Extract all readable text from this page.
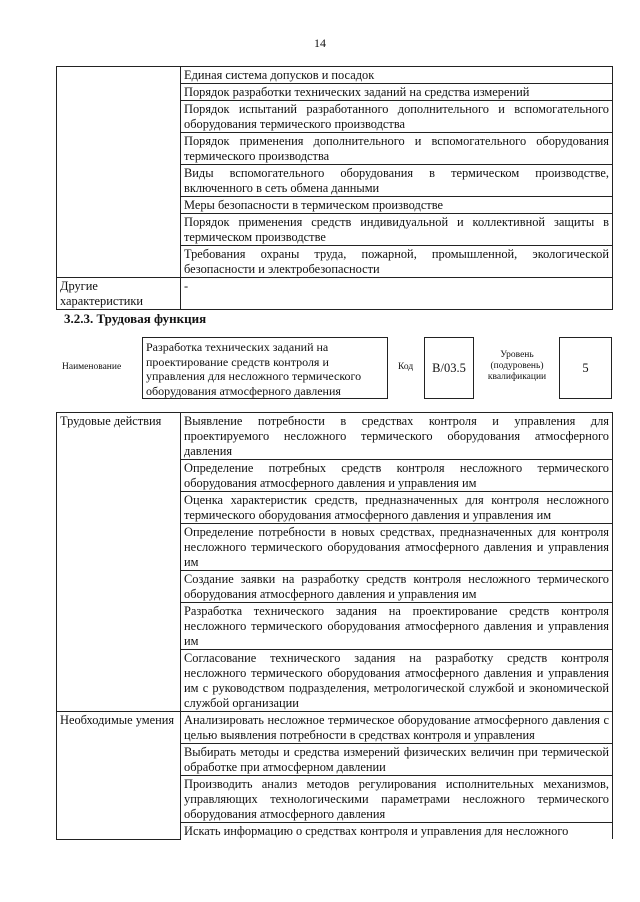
14
	Единая система допусков и посадок
	Порядок разработки технических заданий на средства измерений
	Порядок испытаний разработанного дополнительного и вспомогательного оборудования термического производства
	Порядок применения дополнительного и вспомогательного оборудования термического производства
	Виды вспомогательного оборудования в термическом производстве, включенного в сеть обмена данными
	Меры безопасности в термическом производстве
	Порядок применения средств индивидуальной и коллективной защиты в термическом производстве
	Требования охраны труда, пожарной, промышленной, экологической безопасности и электробезопасности
Другие характеристики	-
3.2.3. Трудовая функция
Наименование
Разработка технических заданий на проектирование средств контроля и управления для несложного термического оборудования атмосферного давления
Код	B/03.5
Уровень (подуровень) квалификации
5
Трудовые действия	Выявление потребности в средствах контроля и управления для проектируемого несложного термического оборудования атмосферного давления
	Определение потребных средств контроля несложного термического оборудования атмосферного давления и управления им
	Оценка характеристик средств, предназначенных для контроля несложного термического оборудования атмосферного давления и управления им
	Определение потребности в новых средствах, предназначенных для контроля несложного термического оборудования атмосферного давления и управления им
	Создание заявки на разработку средств контроля несложного термического оборудования атмосферного давления и управления им
	Разработка технического задания на проектирование средств контроля несложного термического оборудования атмосферного давления и управления им
	Согласование технического задания на разработку средств контроля несложного термического оборудования атмосферного давления и управления им с руководством подразделения, метрологической службой и экономической службой организации
Необходимые умения	Анализировать несложное термическое оборудование атмосферного давления с целью выявления потребности в средствах контроля и управления
	Выбирать методы и средства измерений физических величин при термической обработке при атмосферном давлении
	Производить анализ методов регулирования исполнительных механизмов, управляющих технологическими параметрами несложного термического оборудования атмосферного давления
	Искать информацию о средствах контроля и управления для несложного
